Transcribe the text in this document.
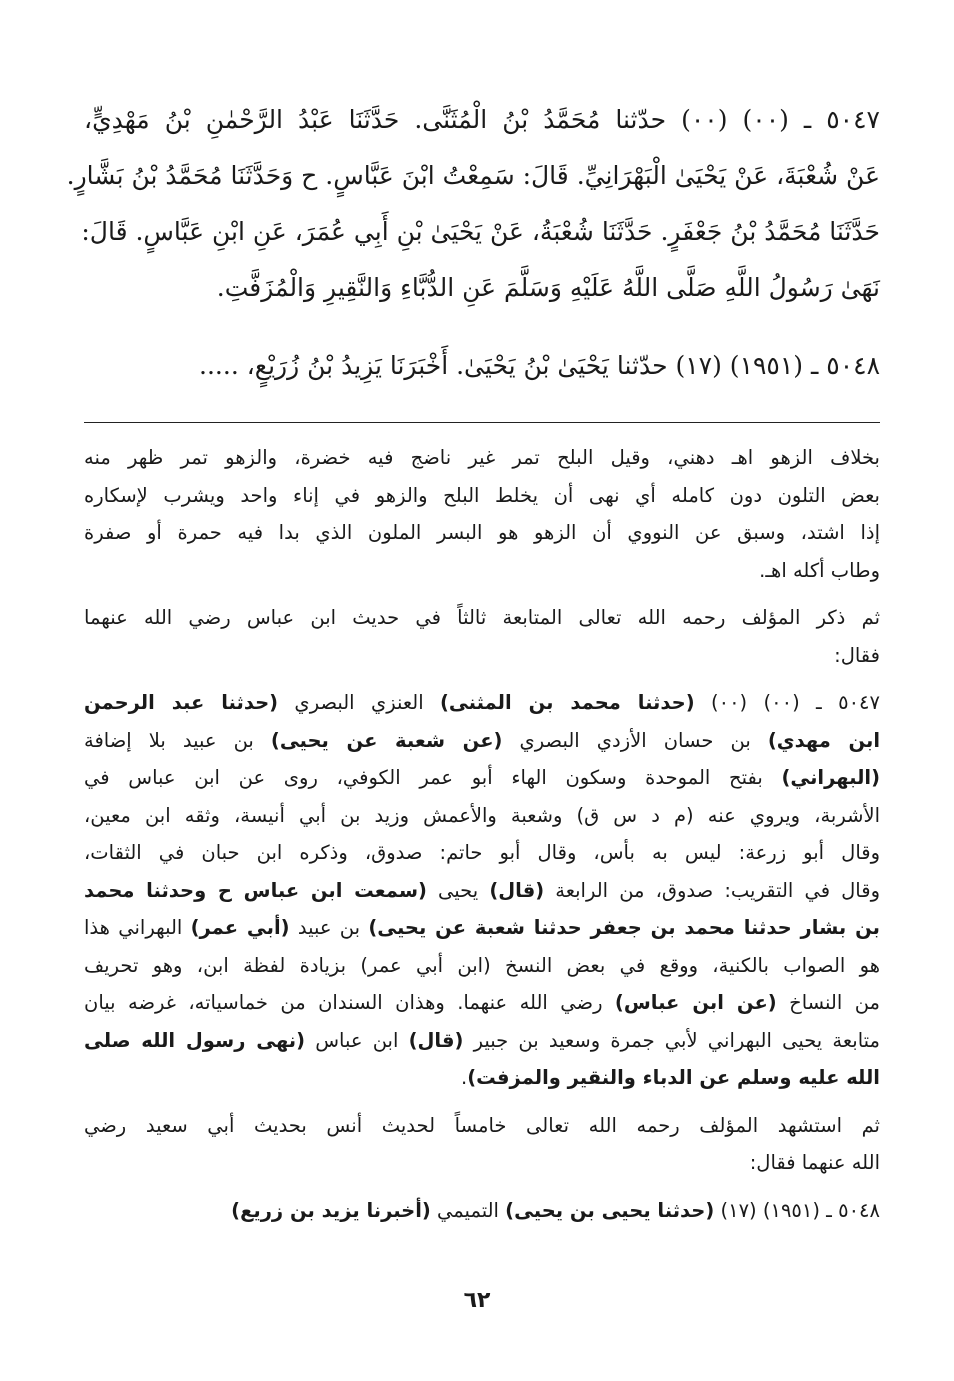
٥٠٤٧ ـ (٠٠) (٠٠) حدّثنا مُحَمَّدُ بْنُ الْمُثَنَّى. حَدَّثَنَا عَبْدُ الرَّحْمٰنِ بْنُ مَهْدِيٍّ،
عَنْ شُعْبَةَ، عَنْ يَحْيَىٰ الْبَهْرَانِيِّ. قَالَ: سَمِعْتُ ابْنَ عَبَّاسٍ. ح وَحَدَّثَنَا مُحَمَّدُ بْنُ بَشَّارٍ.
حَدَّثَنَا مُحَمَّدُ بْنُ جَعْفَرٍ. حَدَّثَنَا شُعْبَةُ، عَنْ يَحْيَىٰ بْنِ أَبِي عُمَرَ، عَنِ ابْنِ عَبَّاسٍ. قَالَ:
نَهَىٰ رَسُولُ اللَّهِ صَلَّى اللَّهُ عَلَيْهِ وَسَلَّمَ عَنِ الدُّبَّاءِ وَالنَّقِيرِ وَالْمُزَفَّتِ.
٥٠٤٨ ـ (١٩٥١) (١٧) حدّثنا يَحْيَىٰ بْنُ يَحْيَىٰ. أَخْبَرَنَا يَزِيدُ بْنُ زُرَيْعٍ، .....
بخلاف الزهو اهـ دهني، وقيل البلح تمر غير ناضج فيه خضرة، والزهو تمر ظهر منه
بعض التلون دون كامله أي نهى أن يخلط البلح والزهو في إناء واحد ويشرب لإسكاره
إذا اشتد، وسبق عن النووي أن الزهو هو البسر الملون الذي بدا فيه حمرة أو صفرة
وطاب أكله اهـ.
ثم ذكر المؤلف رحمه الله تعالى المتابعة ثالثاً في حديث ابن عباس رضي الله عنهما
فقال:
٥٠٤٧ ـ (٠٠) (٠٠) (حدثنا محمد بن المثنى) العنزي البصري (حدثنا عبد الرحمن
ابن مهدي) بن حسان الأزدي البصري (عن شعبة عن يحيى) بن عبيد بلا إضافة
(البهراني) بفتح الموحدة وسكون الهاء أبو عمر الكوفي، روى عن ابن عباس في
الأشربة، ويروي عنه (م د س ق) وشعبة والأعمش وزيد بن أبي أنيسة، وثقه ابن معين،
وقال أبو زرعة: ليس به بأس، وقال أبو حاتم: صدوق، وذكره ابن حبان في الثقات،
وقال في التقريب: صدوق، من الرابعة (قال) يحيى (سمعت ابن عباس ح وحدثنا محمد
بن بشار حدثنا محمد بن جعفر حدثنا شعبة عن يحيى) بن عبيد (أبي عمر) البهراني هذا
هو الصواب بالكنية، ووقع في بعض النسخ (ابن أبي عمر) بزيادة لفظة ابن، وهو تحريف
من النساخ (عن ابن عباس) رضي الله عنهما. وهذان السندان من خماسياته، غرضه بيان
متابعة يحيى البهراني لأبي جمرة وسعيد بن جبير (قال) ابن عباس (نهى رسول الله صلى
الله عليه وسلم عن الدباء والنقير والمزفت).
ثم استشهد المؤلف رحمه الله تعالى خامساً لحديث أنس بحديث أبي سعيد رضي
الله عنهما فقال:
٥٠٤٨ ـ (١٩٥١) (١٧) (حدثنا يحيى بن يحيى) التميمي (أخبرنا يزيد بن زريع)
٦٢
